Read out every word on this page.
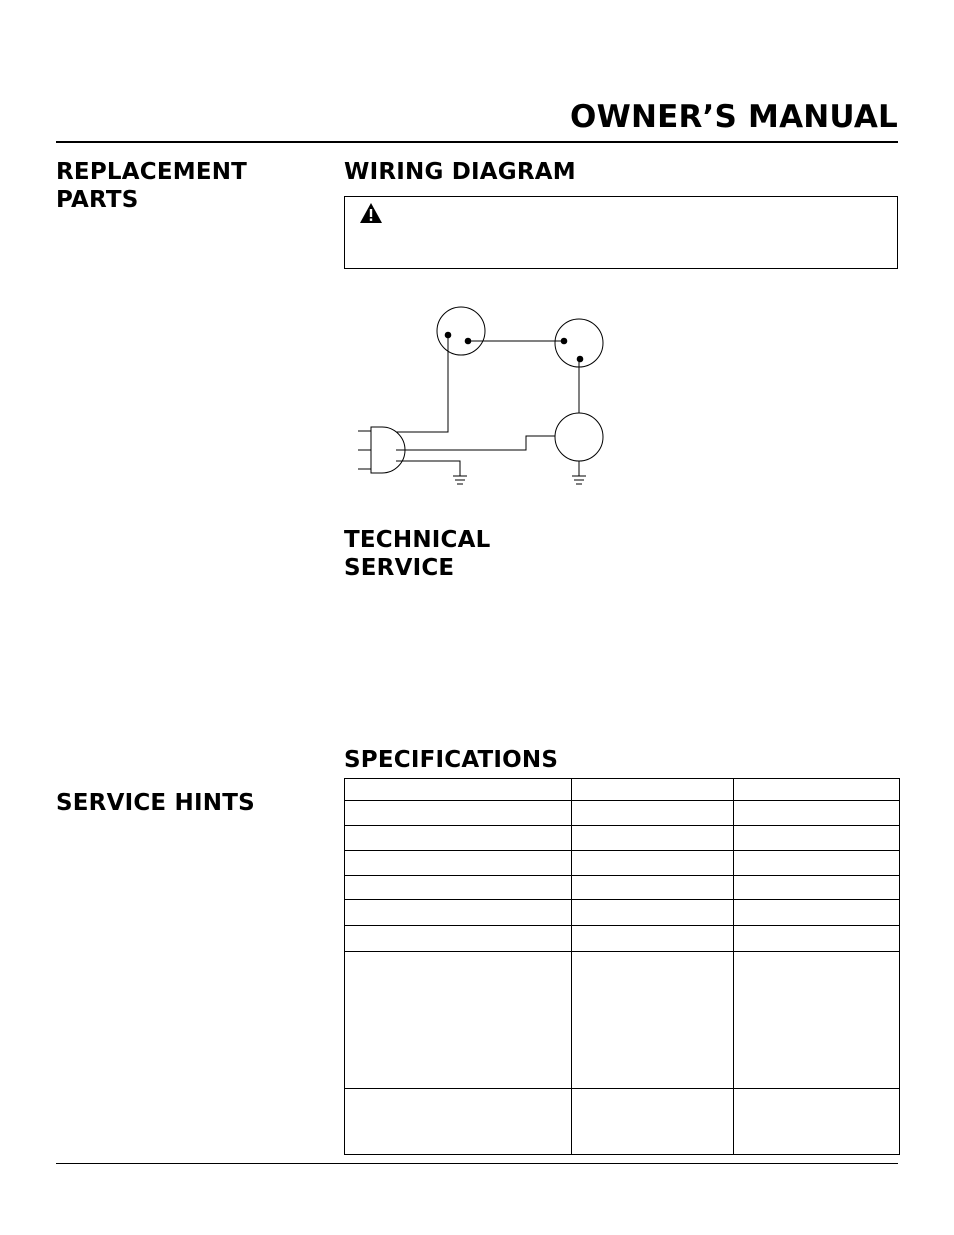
OWNER’S MANUAL
REPLACEMENT PARTS
WIRING DIAGRAM
TECHNICAL SERVICE
SPECIFICATIONS
SERVICE HINTS
